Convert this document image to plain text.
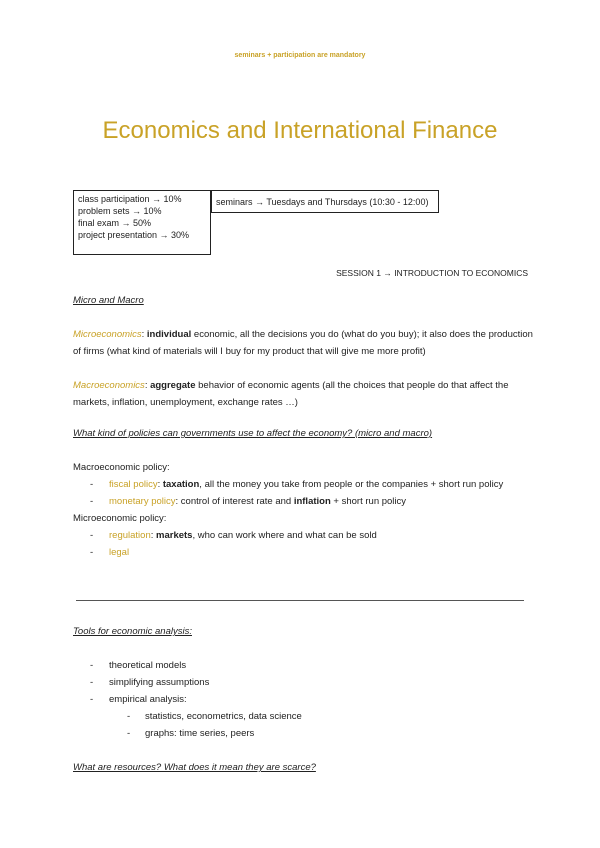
seminars + participation are mandatory
Economics and International Finance
class participation → 10%
problem sets → 10%
final exam → 50%
project presentation → 30%
seminars → Tuesdays and Thursdays (10:30 - 12:00)
SESSION 1 → INTRODUCTION TO ECONOMICS
Micro and Macro
Microeconomics: individual economic, all the decisions you do (what do you buy); it also does the production of firms (what kind of materials will I buy for my product that will give me more profit)
Macroeconomics: aggregate behavior of economic agents (all the choices that people do that affect the markets, inflation, unemployment, exchange rates …)
What kind of policies can governments use to affect the economy? (micro and macro)
Macroeconomic policy:
- fiscal policy: taxation, all the money you take from people or the companies + short run policy
- monetary policy: control of interest rate and inflation + short run policy
Microeconomic policy:
- regulation: markets, who can work where and what can be sold
- legal
Tools for economic analysis:
- theoretical models
- simplifying assumptions
- empirical analysis:
- statistics, econometrics, data science
- graphs: time series, peers
What are resources? What does it mean they are scarce?
